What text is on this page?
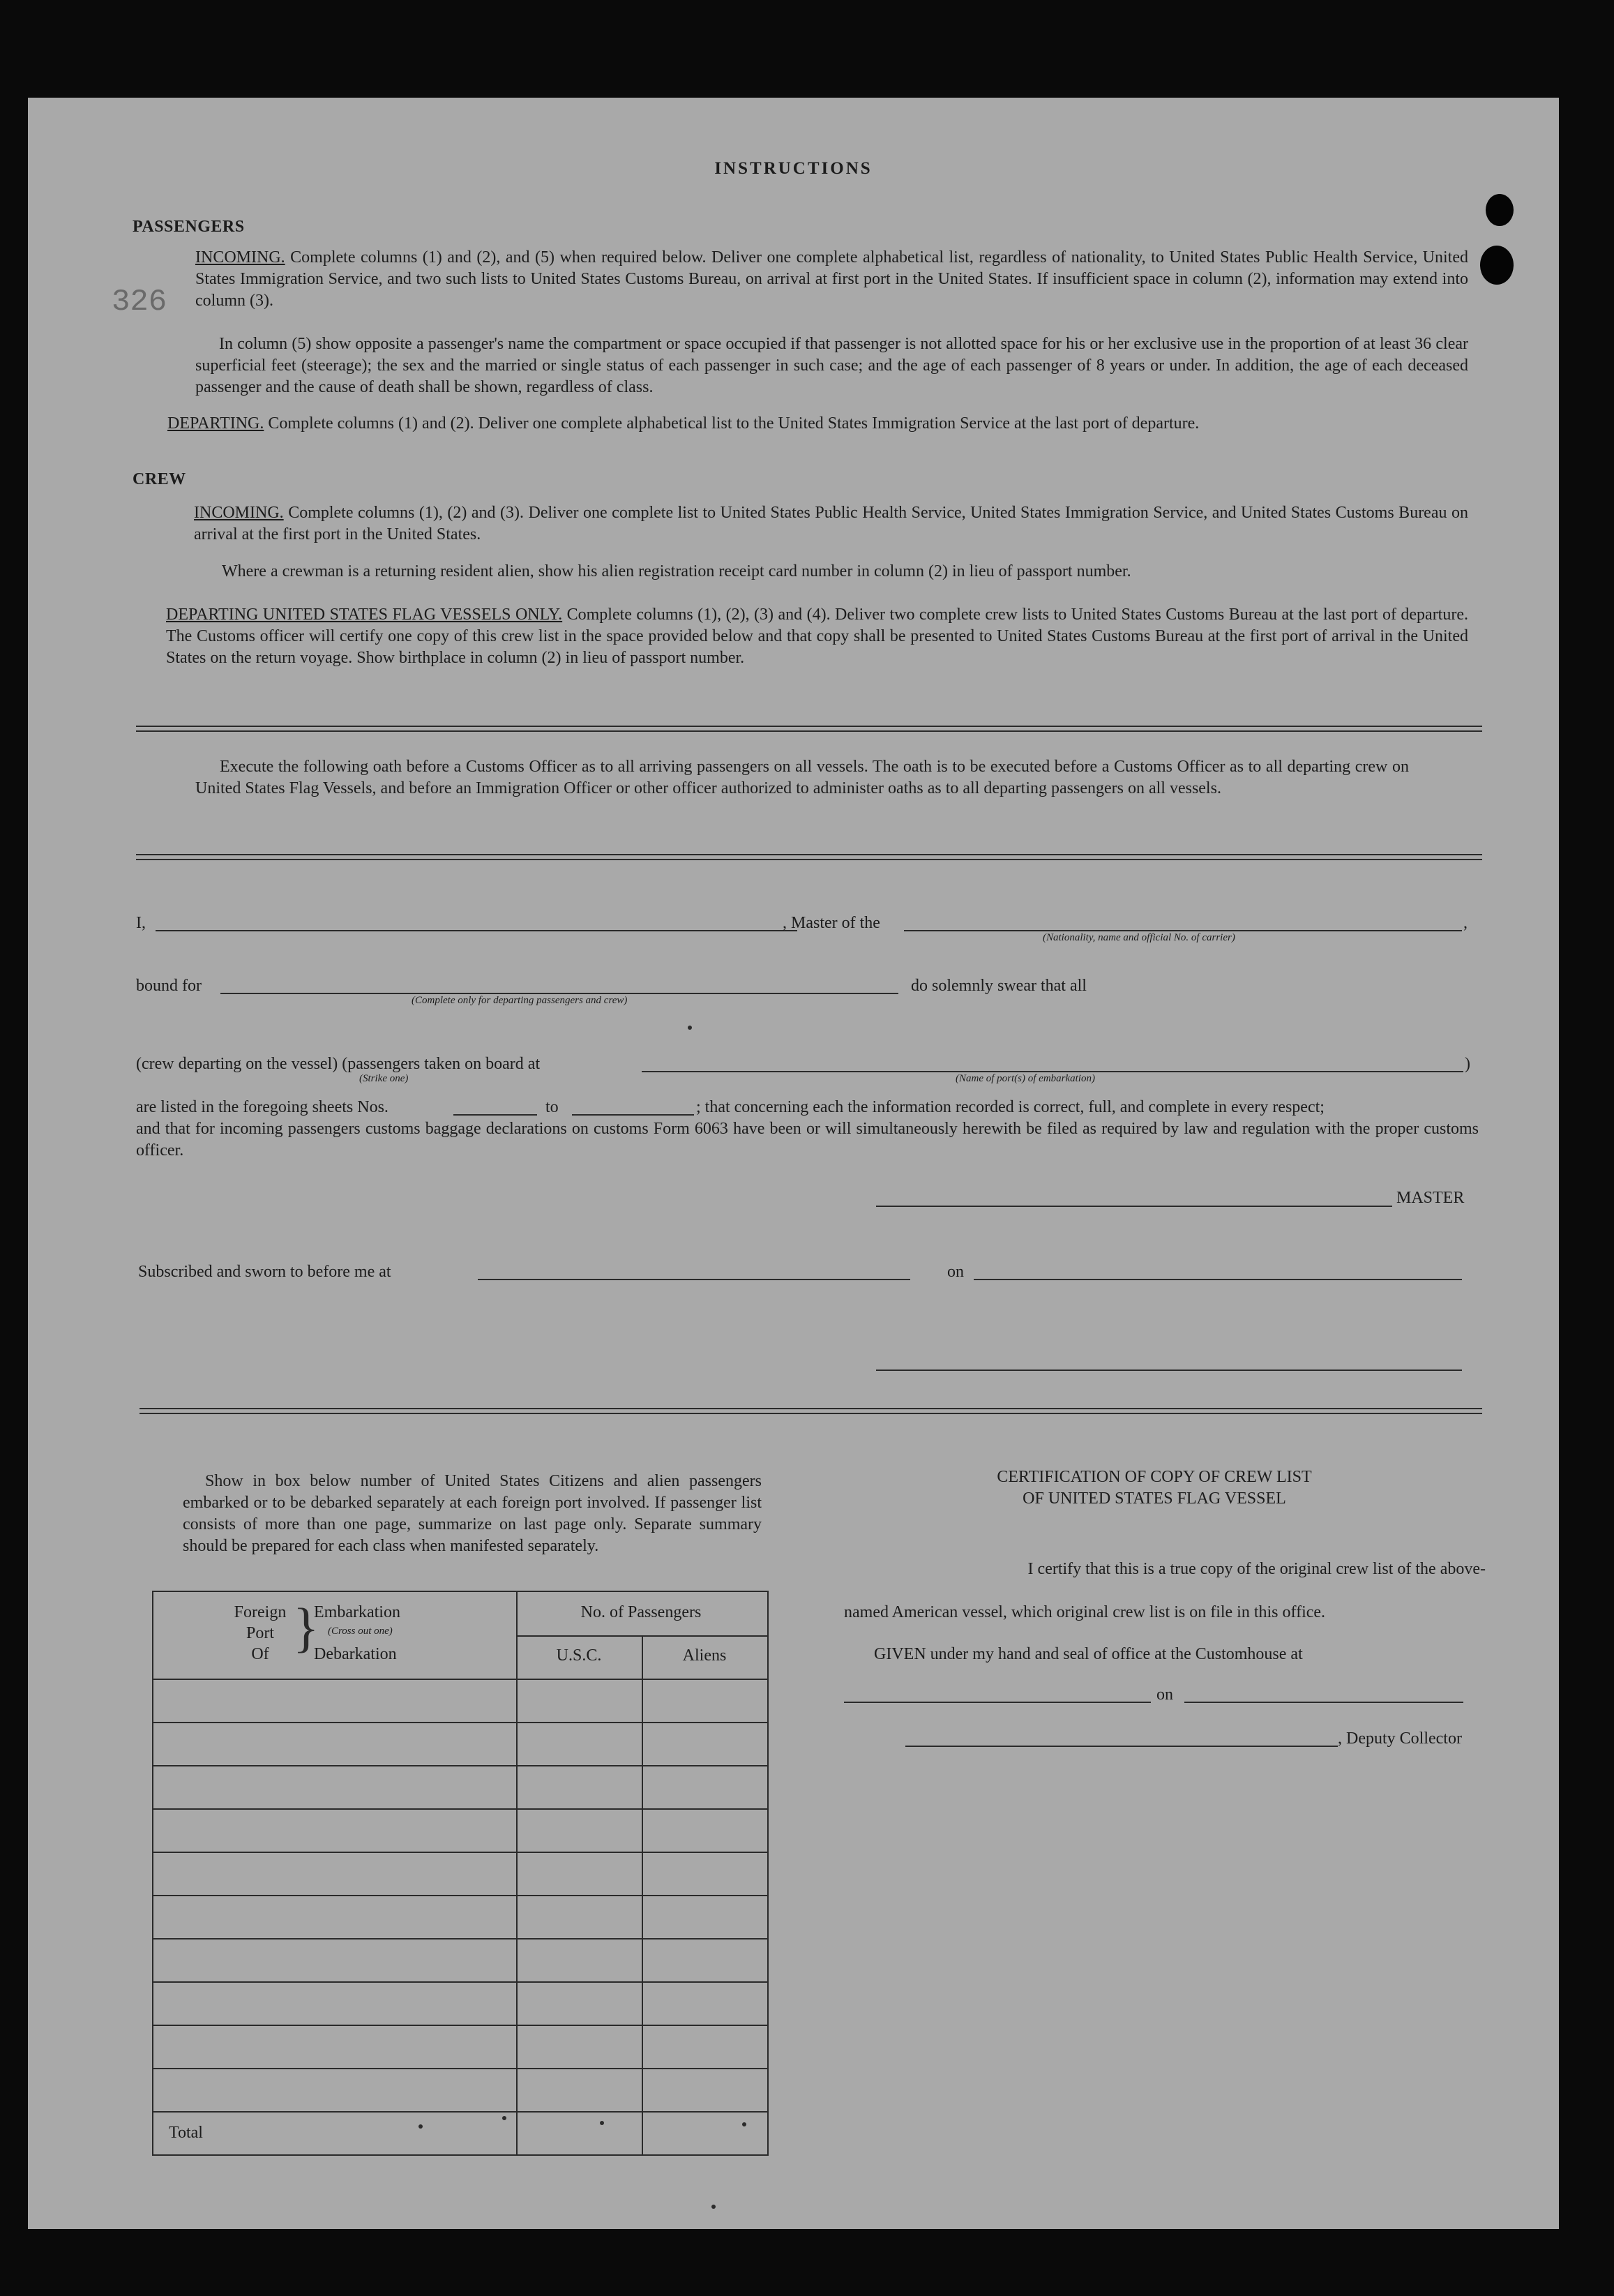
INSTRUCTIONS
326
PASSENGERS
INCOMING. Complete columns (1) and (2), and (5) when required below. Deliver one complete alphabetical list, regardless of nationality, to United States Public Health Service, United States Immigration Service, and two such lists to United States Customs Bureau, on arrival at first port in the United States. If insufficient space in column (2), information may extend into column (3).
In column (5) show opposite a passenger's name the compartment or space occupied if that passenger is not allotted space for his or her exclusive use in the proportion of at least 36 clear superficial feet (steerage); the sex and the married or single status of each passenger in such case; and the age of each passenger of 8 years or under. In addition, the age of each deceased passenger and the cause of death shall be shown, regardless of class.
DEPARTING. Complete columns (1) and (2). Deliver one complete alphabetical list to the United States Immigration Service at the last port of departure.
CREW
INCOMING. Complete columns (1), (2) and (3). Deliver one complete list to United States Public Health Service, United States Immigration Service, and United States Customs Bureau on arrival at the first port in the United States.
Where a crewman is a returning resident alien, show his alien registration receipt card number in column (2) in lieu of passport number.
DEPARTING UNITED STATES FLAG VESSELS ONLY. Complete columns (1), (2), (3) and (4). Deliver two complete crew lists to United States Customs Bureau at the last port of departure. The Customs officer will certify one copy of this crew list in the space provided below and that copy shall be presented to United States Customs Bureau at the first port of arrival in the United States on the return voyage. Show birthplace in column (2) in lieu of passport number.
Execute the following oath before a Customs Officer as to all arriving passengers on all vessels. The oath is to be executed before a Customs Officer as to all departing crew on United States Flag Vessels, and before an Immigration Officer or other officer authorized to administer oaths as to all departing passengers on all vessels.
I,	, Master of the	,
(Nationality, name and official No. of carrier)
bound for
(Complete only for departing passengers and crew)
do solemnly swear that all
(crew departing on the vessel) (passengers taken on board at
(Strike one)	(Name of port(s) of embarkation)
)
are listed in the foregoing sheets Nos.	to	; that concerning each the information recorded is correct, full, and complete in every respect;
and that for incoming passengers customs baggage declarations on customs Form 6063 have been or will simultaneously herewith be filed as required by law and regulation with the proper customs officer.
MASTER
Subscribed and sworn to before me at	on
Show in box below number of United States Citizens and alien passengers embarked or to be debarked separately at each foreign port involved. If passenger list consists of more than one page, summarize on last page only. Separate summary should be prepared for each class when manifested separately.
Foreign
Port
Of }
Embarkation
(Cross out one)
Debarkation
No. of Passengers
U.S.C.	Aliens
Total
CERTIFICATION OF COPY OF CREW LIST
OF UNITED STATES FLAG VESSEL
I certify that this is a true copy of the original crew list of the above-
named American vessel, which original crew list is on file in this office.
GIVEN under my hand and seal of office at the Customhouse at
on
, Deputy Collector
